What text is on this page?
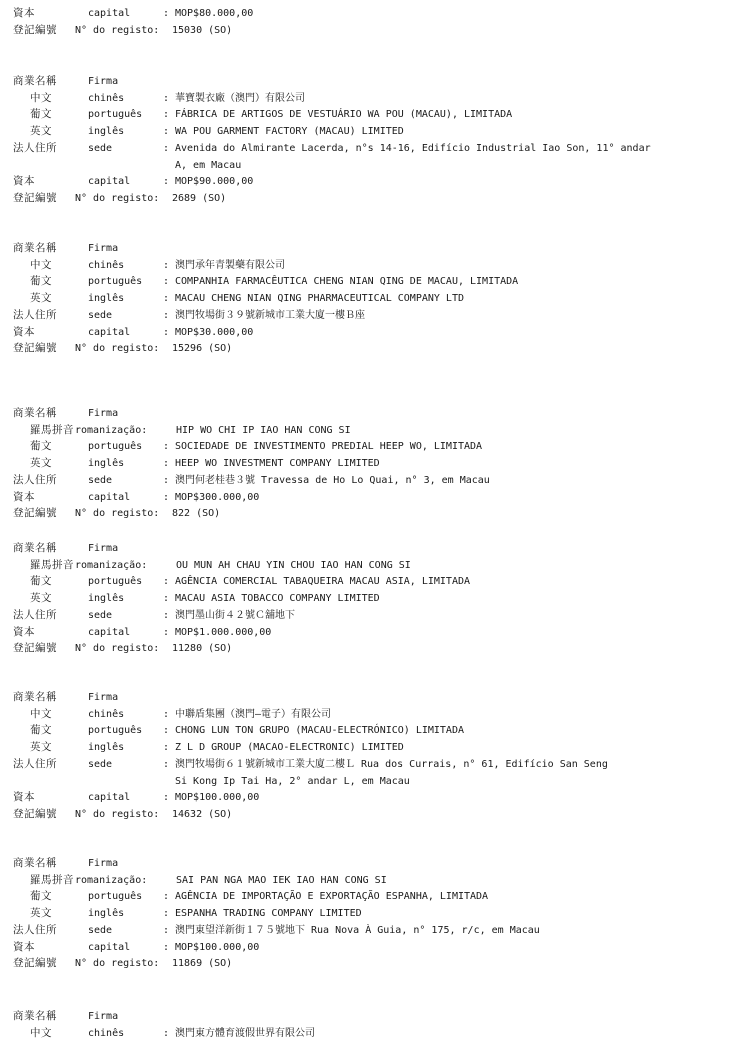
資本	capital	: MOP$80.000,00
登記編號 N° do registo: 15030 (SO)
商業名稱	Firma
中文	chinês	: 華寶製衣廠（澳門）有限公司
葡文	português : FÁBRICA DE ARTIGOS DE VESTUÁRIO WA POU (MACAU), LIMITADA
英文	inglês	: WA POU GARMENT FACTORY (MACAU) LIMITED
法人住所	sede	: Avenida do Almirante Lacerda, n°s 14-16, Edifício Industrial Iao Son, 11° andar
A, em Macau
資本	capital	: MOP$90.000,00
登記編號 N° do registo: 2689 (SO)
商業名稱	Firma
中文	chinês	: 澳門承年青製藥有限公司
葡文	português : COMPANHIA FARMACÊUTICA CHENG NIAN QING DE MACAU, LIMITADA
英文	inglês	: MACAU CHENG NIAN QING PHARMACEUTICAL COMPANY LTD
法人住所	sede	: 澳門牧場街３９號新城市工業大廈一樓Ｂ座
資本	capital	: MOP$30.000,00
登記編號 N° do registo: 15296 (SO)
商業名稱	Firma
羅馬拼音 romanização:	HIP WO CHI IP IAO HAN CONG SI
葡文	português : SOCIEDADE DE INVESTIMENTO PREDIAL HEEP WO, LIMITADA
英文	inglês	: HEEP WO INVESTMENT COMPANY LIMITED
法人住所	sede	: 澳門何老桂巷３號 Travessa de Ho Lo Quai, n° 3, em Macau
資本	capital	: MOP$300.000,00
登記編號 N° do registo: 822 (SO)
商業名稱	Firma
羅馬拼音 romanização:	OU MUN AH CHAU YIN CHOU IAO HAN CONG SI
葡文	português : AGÊNCIA COMERCIAL TABAQUEIRA MACAU ASIA, LIMITADA
英文	inglês	: MACAU ASIA TOBACCO COMPANY LIMITED
法人住所	sede	: 澳門墨山街４２號Ｃ舖地下
資本	capital	: MOP$1.000.000,00
登記編號 N° do registo: 11280 (SO)
商業名稱	Firma
中文	chinês	: 中聯盾集團（澳門—電子）有限公司
葡文	português : CHONG LUN TON GRUPO (MACAU-ELECTRÓNICO) LIMITADA
英文	inglês	: Z L D GROUP (MACAO-ELECTRONIC) LIMITED
法人住所	sede	: 澳門牧場街６１號新城市工業大廈二樓Ｌ Rua dos Currais, n° 61, Edifício San Seng
Si Kong Ip Tai Ha, 2° andar L, em Macau
資本	capital	: MOP$100.000,00
登記編號 N° do registo: 14632 (SO)
商業名稱	Firma
羅馬拼音 romanização:	SAI PAN NGA MAO IEK IAO HAN CONG SI
葡文	português : AGÊNCIA DE IMPORTAÇÃO E EXPORTAÇÃO ESPANHA, LIMITADA
英文	inglês	: ESPANHA TRADING COMPANY LIMITED
法人住所	sede	: 澳門東望洋新街１７５號地下 Rua Nova À Guia, n° 175, r/c, em Macau
資本	capital	: MOP$100.000,00
登記編號 N° do registo: 11869 (SO)
商業名稱	Firma
中文	chinês	: 澳門東方體育渡假世界有限公司
